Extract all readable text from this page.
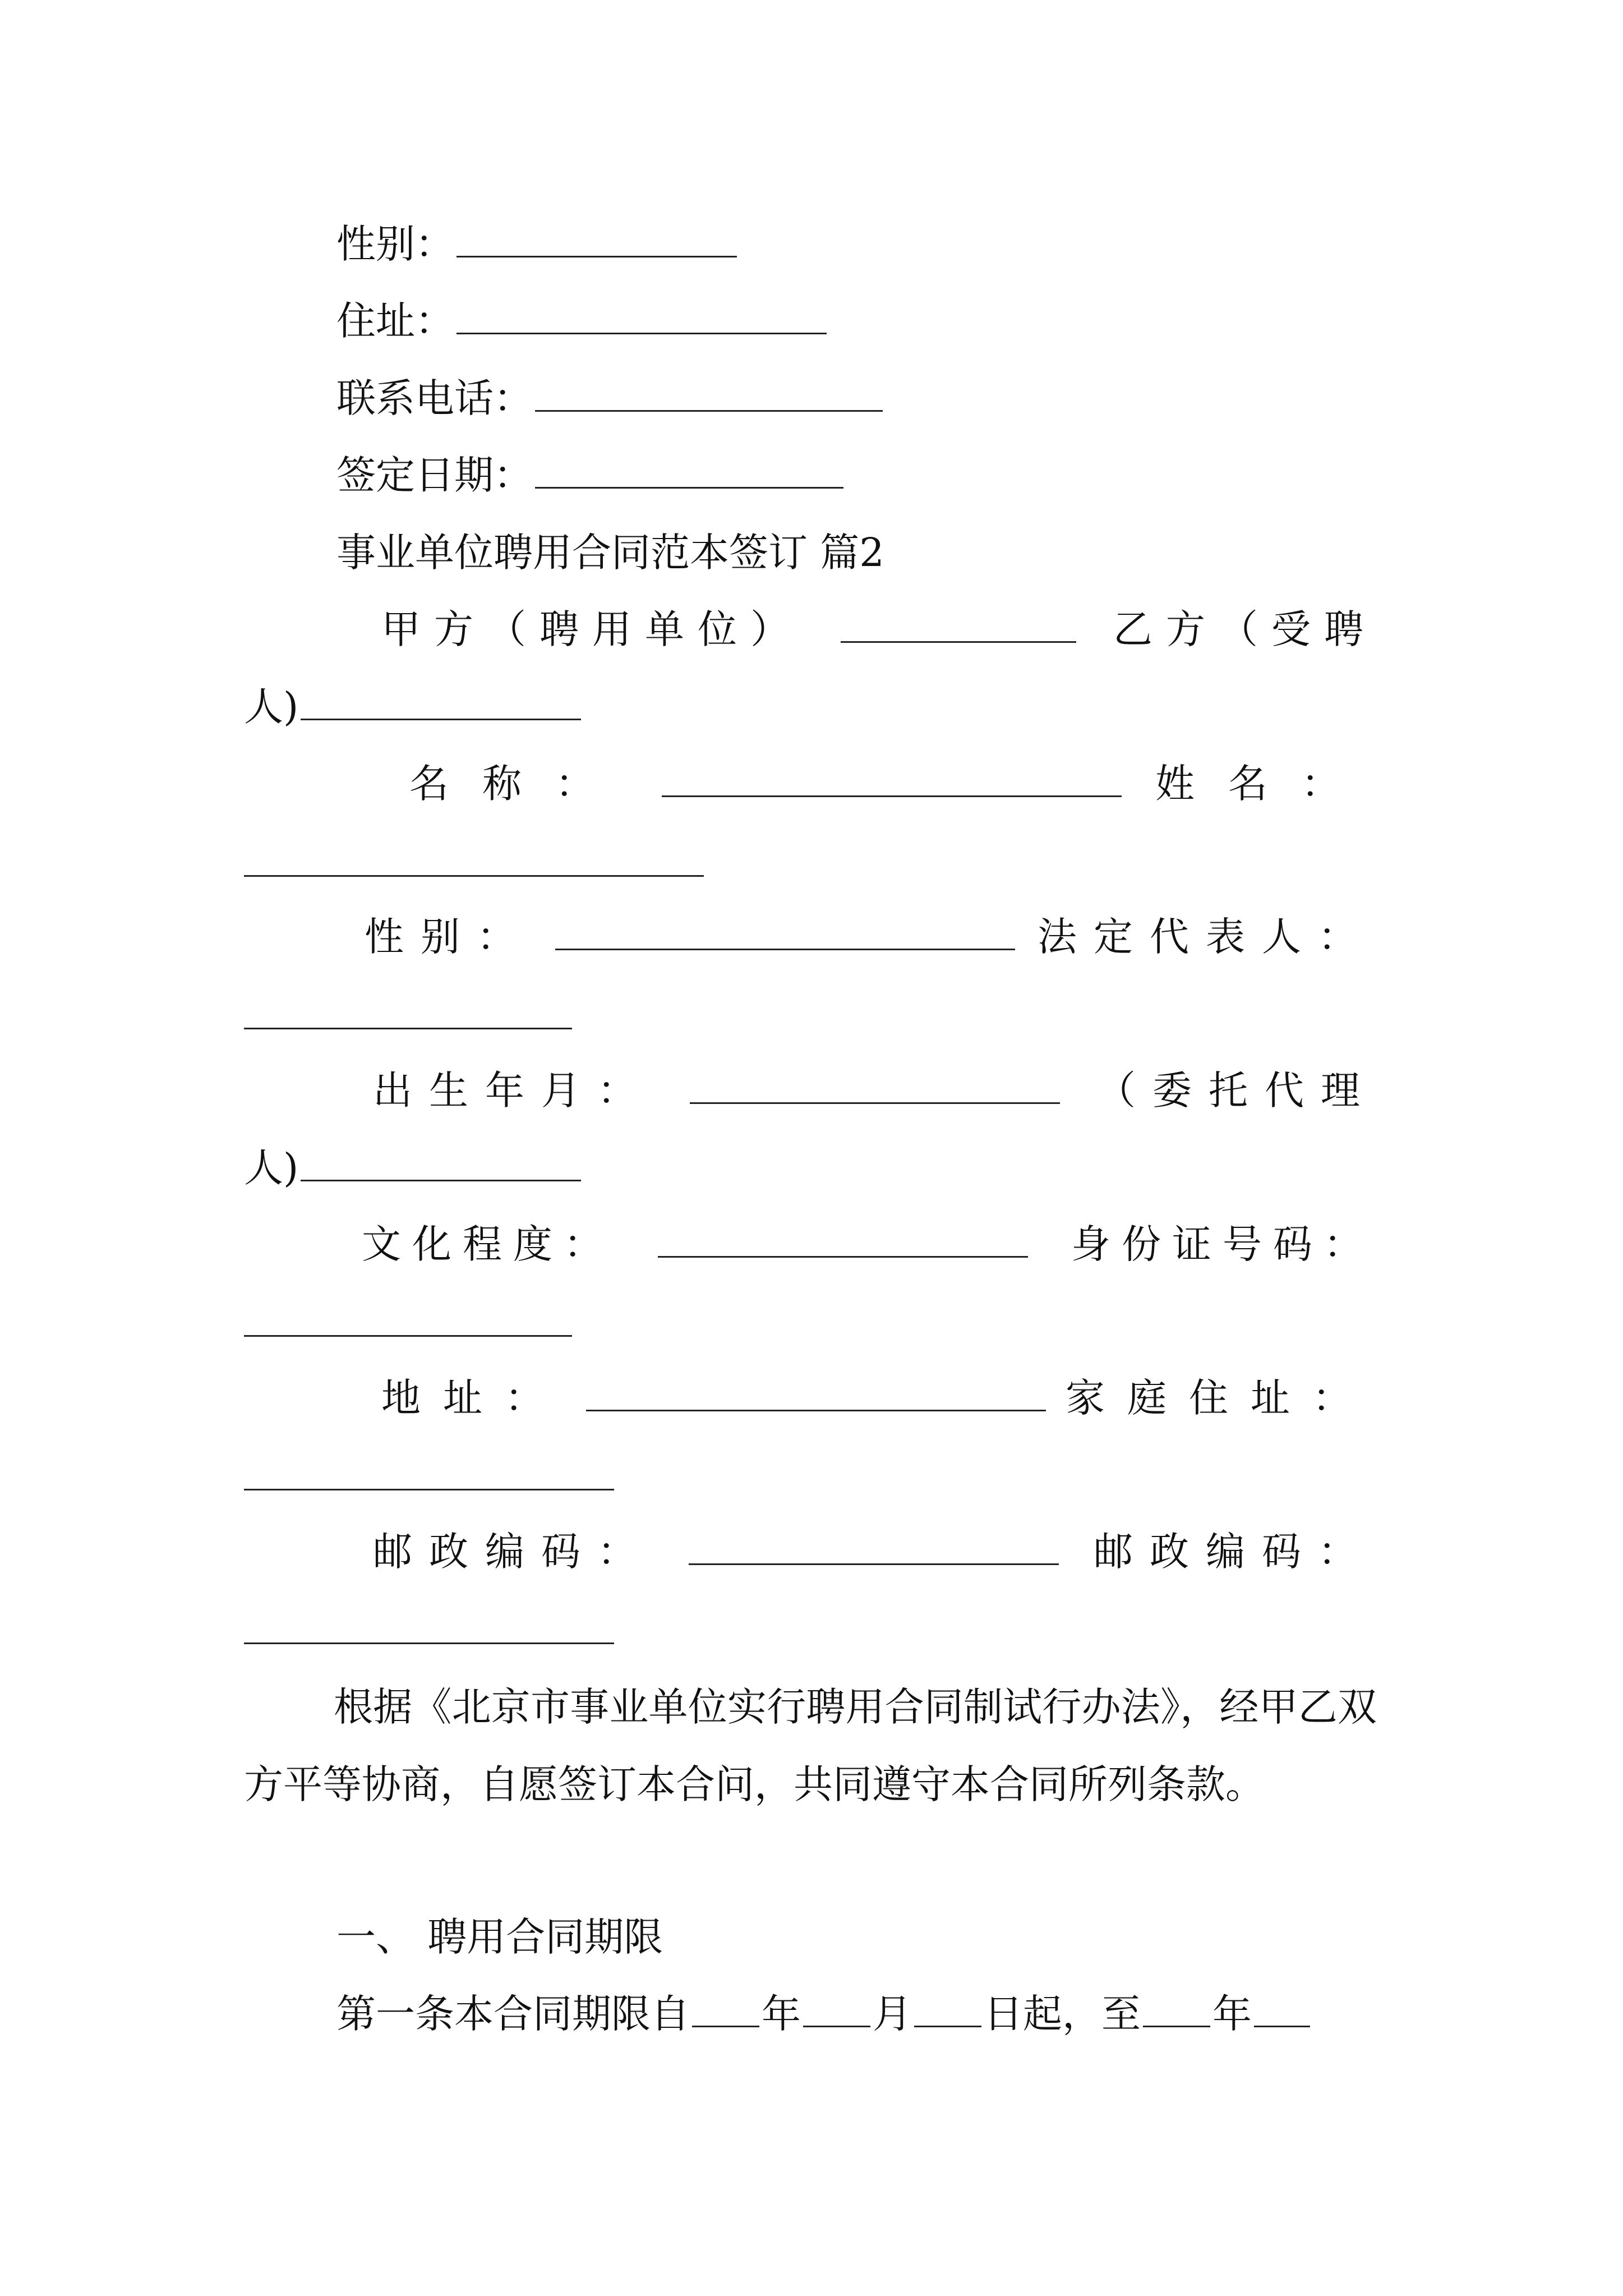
性别：
住址：
联系电话：
签定日期：
事业单位聘用合同范本签订 篇2
甲方（聘用单位）	乙方（受聘
人)
名称：	姓名：
性别：	法定代表人：
出生年月：	（委托代理
人)
文化程度：	身份证号码：
地址：	家庭住址：
邮政编码：	邮政编码：
根据《北京市事业单位实行聘用合同制试行办法》，经甲乙双方平等协商，自愿签订本合问，共同遵守本合同所列条款。
一、 聘用合同期限
第一条本合同期限自 年 月 日起，至 年
